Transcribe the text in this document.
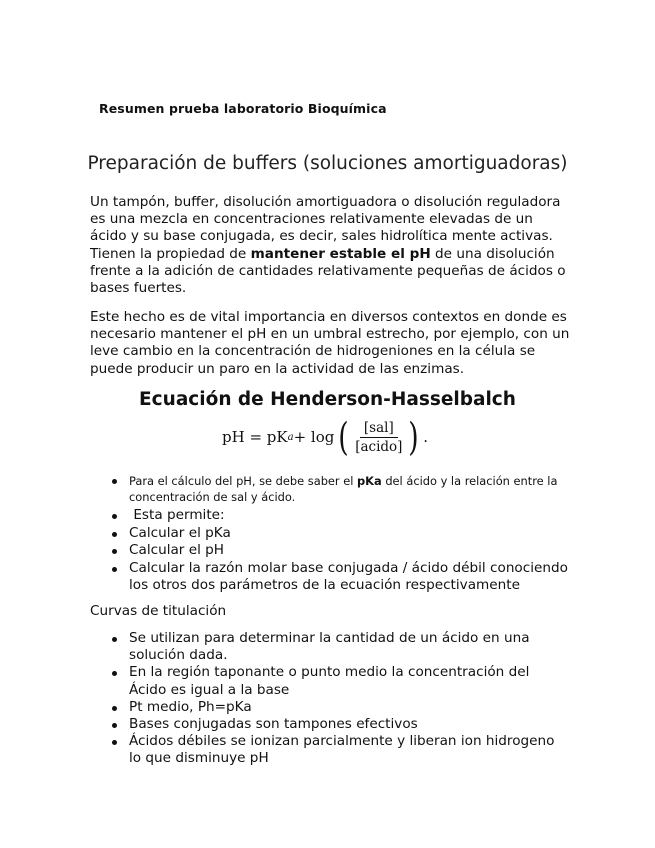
Resumen prueba laboratorio Bioquímica
Preparación de buffers (soluciones amortiguadoras)

Un tampón, buffer, disolución amortiguadora o disolución reguladora es una mezcla en concentraciones relativamente elevadas de un ácido y su base conjugada, es decir, sales hidrolítica mente activas. Tienen la propiedad de mantener estable el pH de una disolución frente a la adición de cantidades relativamente pequeñas de ácidos o bases fuertes.

Este hecho es de vital importancia en diversos contextos en donde es necesario mantener el pH en un umbral estrecho, por ejemplo, con un leve cambio en la concentración de hidrogeniones en la célula se puede producir un paro en la actividad de las enzimas.

Ecuación de Henderson-Hasselbalch
pH = pK a + log ( $\frac{\text{[sal]}}{\text{[acido]}}$ ) .
Para el cálculo del pH, se debe saber el pKa del ácido y la relación entre la concentración de sal y ácido.
Esta permite:
Calcular el pKa
Calcular el pH
Calcular la razón molar base conjugada / ácido débil conociendo los otros dos parámetros de la ecuación respectivamente
Curvas de titulación
Se utilizan para determinar la cantidad de un ácido en una solución dada.
En la región taponante o punto medio la concentración del Ácido es igual a la base
Pt medio, Ph=pKa
Bases conjugadas son tampones efectivos
Ácidos débiles se ionizan parcialmente y liberan ion hidrogeno lo que disminuye pH
